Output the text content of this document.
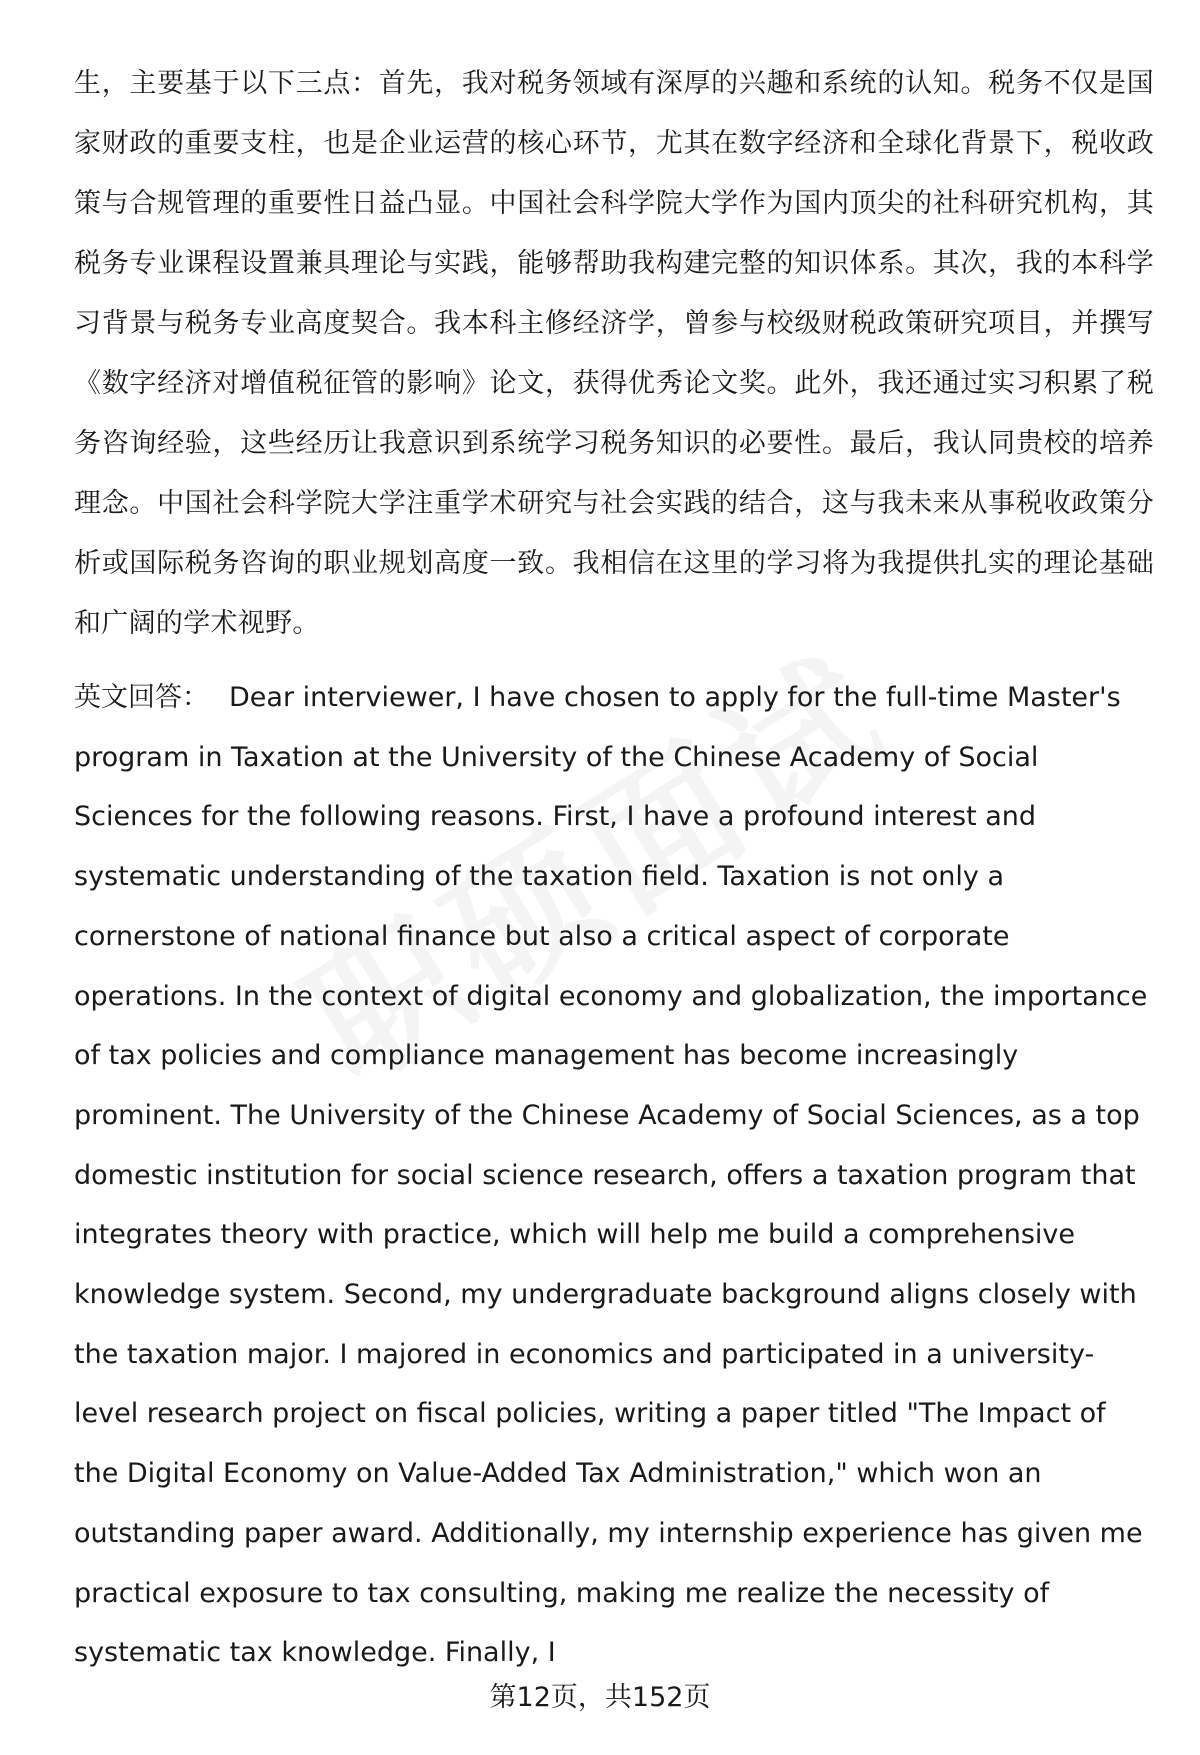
生，主要基于以下三点：首先，我对税务领域有深厚的兴趣和系统的认知。税务不仅是国家财政的重要支柱，也是企业运营的核心环节，尤其在数字经济和全球化背景下，税收政策与合规管理的重要性日益凸显。中国社会科学院大学作为国内顶尖的社科研究机构，其税务专业课程设置兼具理论与实践，能够帮助我构建完整的知识体系。其次，我的本科学习背景与税务专业高度契合。我本科主修经济学，曾参与校级财税政策研究项目，并撰写《数字经济对增值税征管的影响》论文，获得优秀论文奖。此外，我还通过实习积累了税务咨询经验，这些经历让我意识到系统学习税务知识的必要性。最后，我认同贵校的培养理念。中国社会科学院大学注重学术研究与社会实践的结合，这与我未来从事税收政策分析或国际税务咨询的职业规划高度一致。我相信在这里的学习将为我提供扎实的理论基础和广阔的学术视野。

英文回答： Dear interviewer, I have chosen to apply for the full-time Master's program in Taxation at the University of the Chinese Academy of Social Sciences for the following reasons. First, I have a profound interest and systematic understanding of the taxation field. Taxation is not only a cornerstone of national finance but also a critical aspect of corporate operations. In the context of digital economy and globalization, the importance of tax policies and compliance management has become increasingly prominent. The University of the Chinese Academy of Social Sciences, as a top domestic institution for social science research, offers a taxation program that integrates theory with practice, which will help me build a comprehensive knowledge system. Second, my undergraduate background aligns closely with the taxation major. I majored in economics and participated in a university-level research project on fiscal policies, writing a paper titled "The Impact of the Digital Economy on Value-Added Tax Administration," which won an outstanding paper award. Additionally, my internship experience has given me practical exposure to tax consulting, making me realize the necessity of systematic tax knowledge. Finally, I

第12页，共152页
